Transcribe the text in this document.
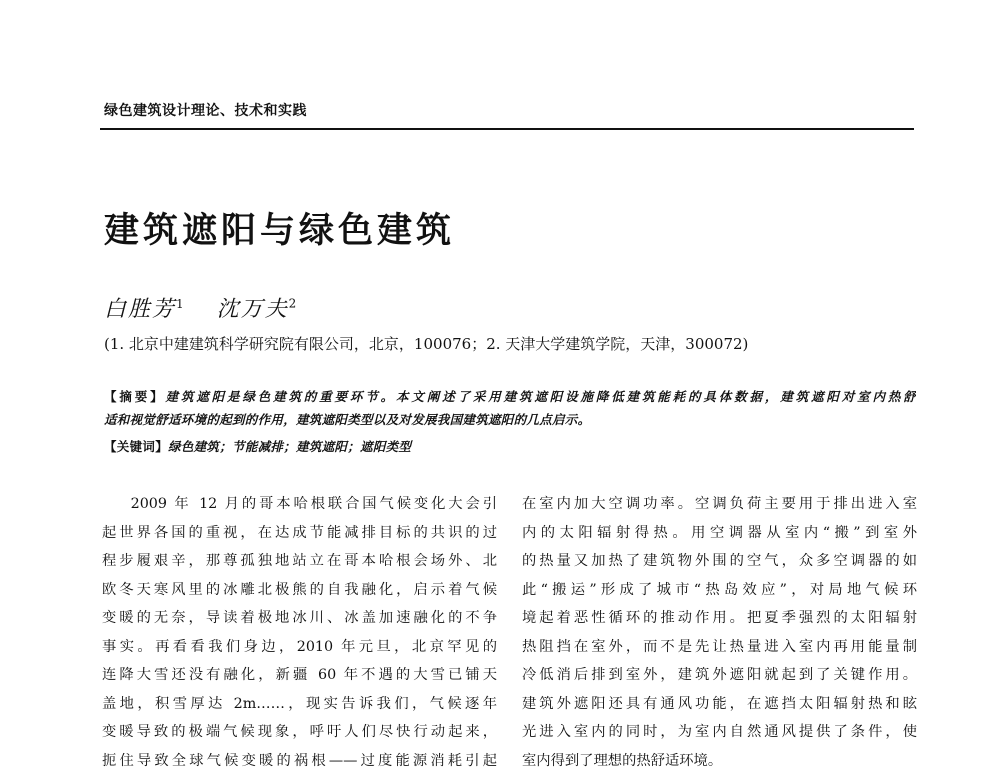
绿色建筑设计理论、技术和实践
建筑遮阳与绿色建筑
白胜芳$^1$ 沈万夫$^2$
(1. 北京中建建筑科学研究院有限公司，北京，100076；2. 天津大学建筑学院，天津，300072)
【摘要】建筑遮阳是绿色建筑的重要环节。本文阐述了采用建筑遮阳设施降低建筑能耗的具体数据，建筑遮阳对室内热舒
适和视觉舒适环境的起到的作用，建筑遮阳类型以及对发展我国建筑遮阳的几点启示。
【关键词】绿色建筑；节能减排；建筑遮阳；遮阳类型

2009 年 12 月的哥本哈根联合国气候变化大会引
起世界各国的重视，在达成节能减排目标的共识的过
程步履艰辛，那尊孤独地站立在哥本哈根会场外、北
欧冬天寒风里的冰雕北极熊的自我融化，启示着气候
变暖的无奈，导读着极地冰川、冰盖加速融化的不争
事实。再看看我们身边，2010 年元旦，北京罕见的
连降大雪还没有融化，新疆 60 年不遇的大雪已铺天
盖地，积雪厚达 2m……，现实告诉我们，气候逐年
变暖导致的极端气候现象，呼吁人们尽快行动起来，
扼住导致全球气候变暖的祸根——过度能源消耗引起

在室内加大空调功率。空调负荷主要用于排出进入室
内的太阳辐射得热。用空调器从室内“搬”到室外
的热量又加热了建筑物外围的空气，众多空调器的如
此“搬运”形成了城市“热岛效应”，对局地气候环
境起着恶性循环的推动作用。把夏季强烈的太阳辐射
热阻挡在室外，而不是先让热量进入室内再用能量制
冷低消后排到室外，建筑外遮阳就起到了关键作用。
建筑外遮阳还具有通风功能，在遮挡太阳辐射热和眩
光进入室内的同时，为室内自然通风提供了条件，使
室内得到了理想的热舒适环境。
